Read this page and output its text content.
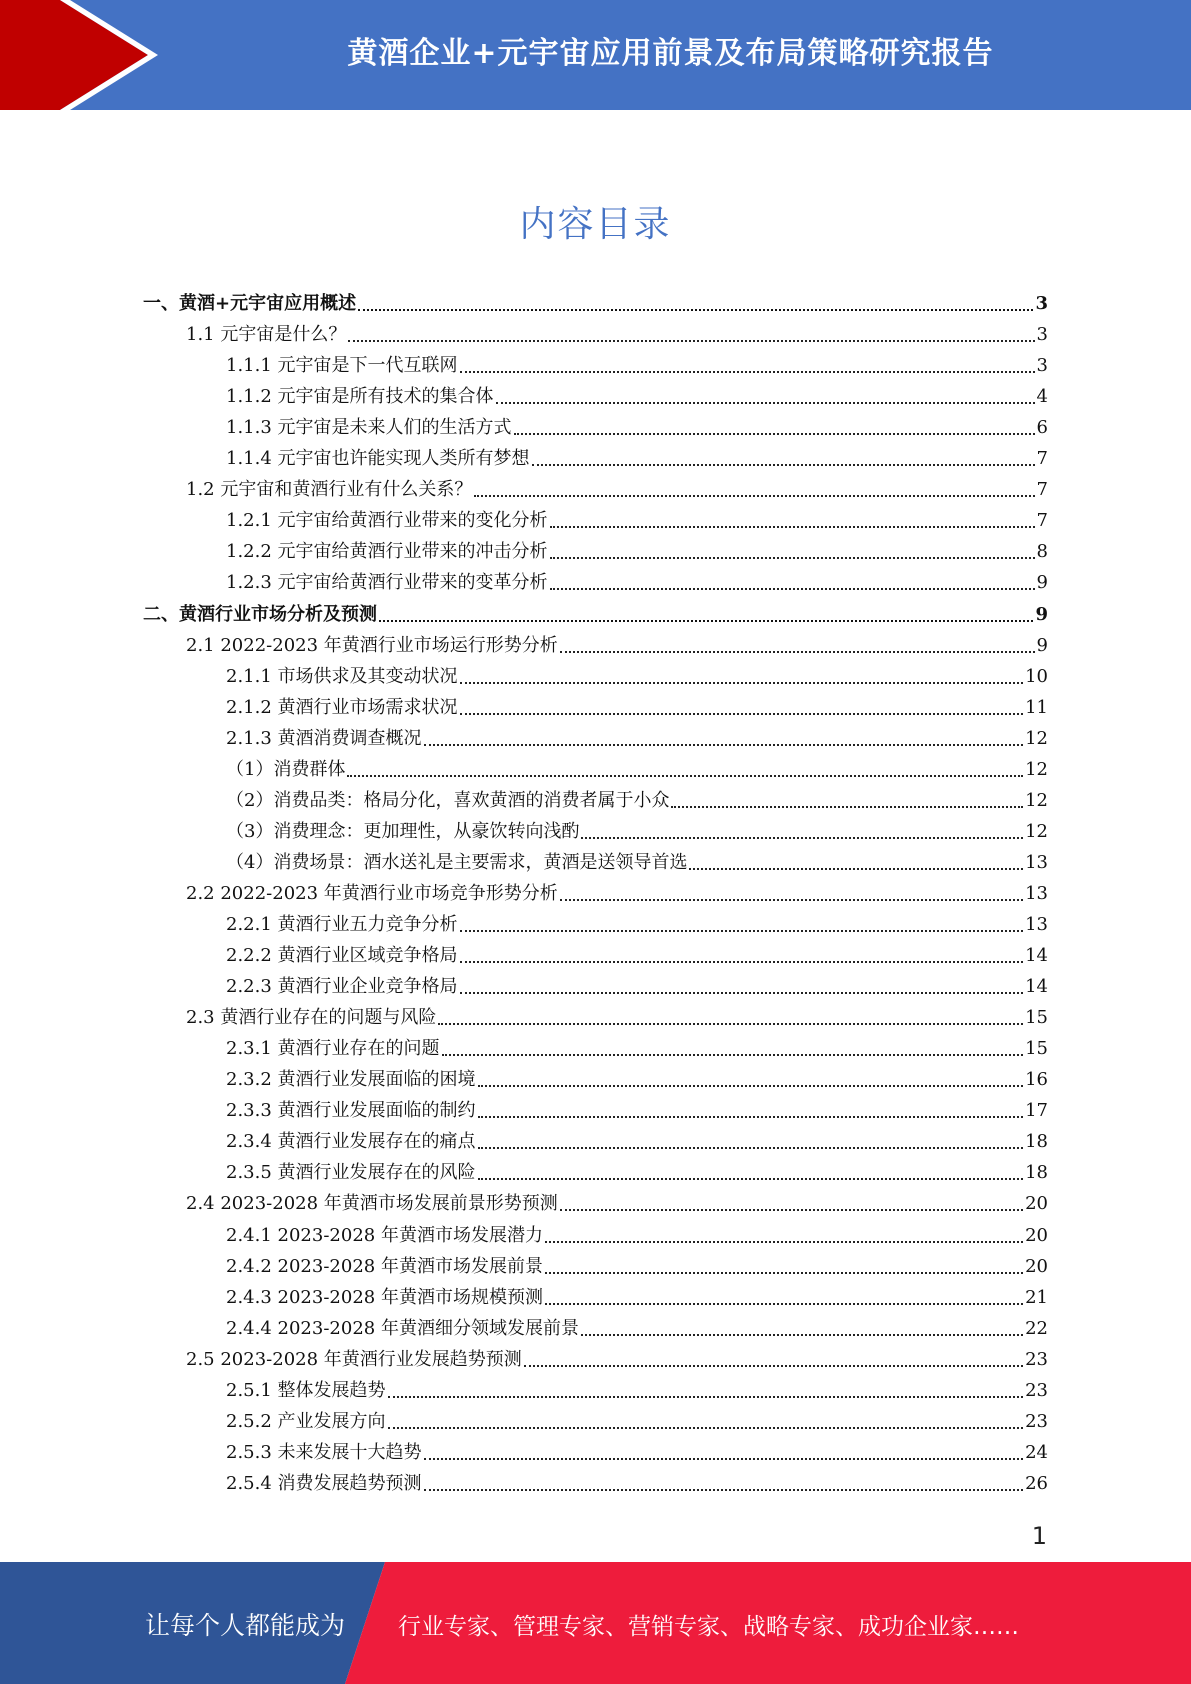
黄酒企业+元宇宙应用前景及布局策略研究报告
内容目录
一、黄酒+元宇宙应用概述	3
1.1 元宇宙是什么？	3
1.1.1 元宇宙是下一代互联网	3
1.1.2 元宇宙是所有技术的集合体	4
1.1.3 元宇宙是未来人们的生活方式	6
1.1.4 元宇宙也许能实现人类所有梦想	7
1.2 元宇宙和黄酒行业有什么关系？	7
1.2.1 元宇宙给黄酒行业带来的变化分析	7
1.2.2 元宇宙给黄酒行业带来的冲击分析	8
1.2.3 元宇宙给黄酒行业带来的变革分析	9
二、黄酒行业市场分析及预测	9
2.1 2022-2023 年黄酒行业市场运行形势分析	9
2.1.1 市场供求及其变动状况	10
2.1.2 黄酒行业市场需求状况	11
2.1.3 黄酒消费调查概况	12
（1）消费群体	12
（2）消费品类：格局分化，喜欢黄酒的消费者属于小众	12
（3）消费理念：更加理性，从豪饮转向浅酌	12
（4）消费场景：酒水送礼是主要需求，黄酒是送领导首选	13
2.2 2022-2023 年黄酒行业市场竞争形势分析	13
2.2.1 黄酒行业五力竞争分析	13
2.2.2 黄酒行业区域竞争格局	14
2.2.3 黄酒行业企业竞争格局	14
2.3 黄酒行业存在的问题与风险	15
2.3.1 黄酒行业存在的问题	15
2.3.2 黄酒行业发展面临的困境	16
2.3.3 黄酒行业发展面临的制约	17
2.3.4 黄酒行业发展存在的痛点	18
2.3.5 黄酒行业发展存在的风险	18
2.4 2023-2028 年黄酒市场发展前景形势预测	20
2.4.1 2023-2028 年黄酒市场发展潜力	20
2.4.2 2023-2028 年黄酒市场发展前景	20
2.4.3 2023-2028 年黄酒市场规模预测	21
2.4.4 2023-2028 年黄酒细分领域发展前景	22
2.5 2023-2028 年黄酒行业发展趋势预测	23
2.5.1 整体发展趋势	23
2.5.2 产业发展方向	23
2.5.3 未来发展十大趋势	24
2.5.4 消费发展趋势预测	26
1
让每个人都能成为 行业专家、管理专家、营销专家、战略专家、成功企业家……
